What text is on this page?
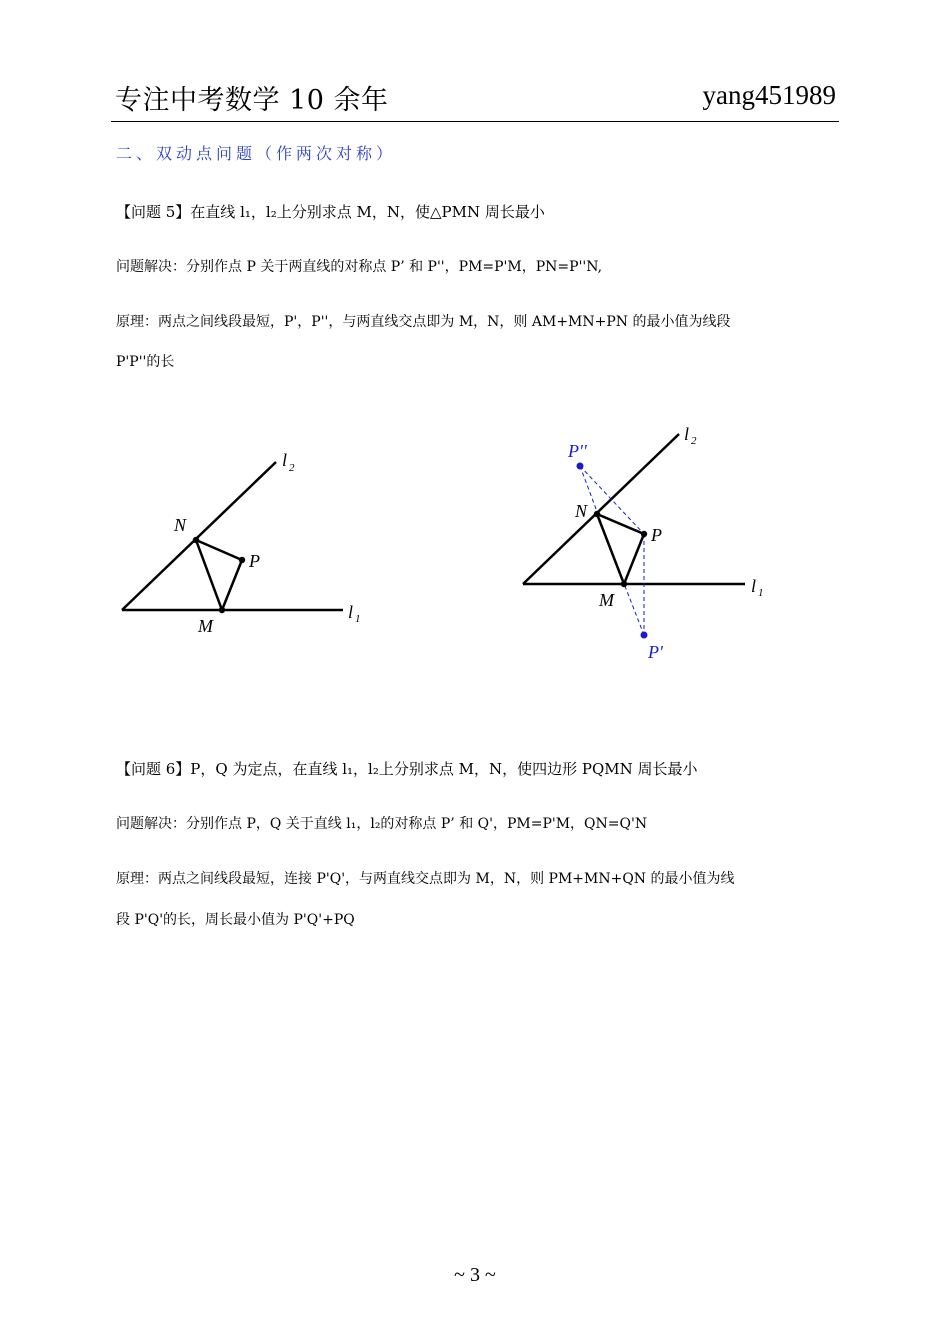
专注中考数学 10 余年	yang451989
二、双动点问题（作两次对称）
【问题 5】在直线 l₁，l₂上分别求点 M，N，使△PMN 周长最小
问题解决：分别作点 P 关于两直线的对称点 P’ 和 P''，PM=P'M，PN=P''N,
原理：两点之间线段最短，P'，P''，与两直线交点即为 M，N，则 AM+MN+PN 的最小值为线段
P'P''的长
l 2
l 1
N
P
M
l 2
l 1
N
P
M
P''
P'
【问题 6】P，Q 为定点，在直线 l₁，l₂上分别求点 M，N，使四边形 PQMN 周长最小
问题解决：分别作点 P，Q 关于直线 l₁，l₂的对称点 P’ 和 Q'，PM=P'M，QN=Q'N
原理：两点之间线段最短，连接 P'Q'，与两直线交点即为 M，N，则 PM+MN+QN 的最小值为线
段 P'Q'的长，周长最小值为 P'Q'+PQ
~ 3 ~
